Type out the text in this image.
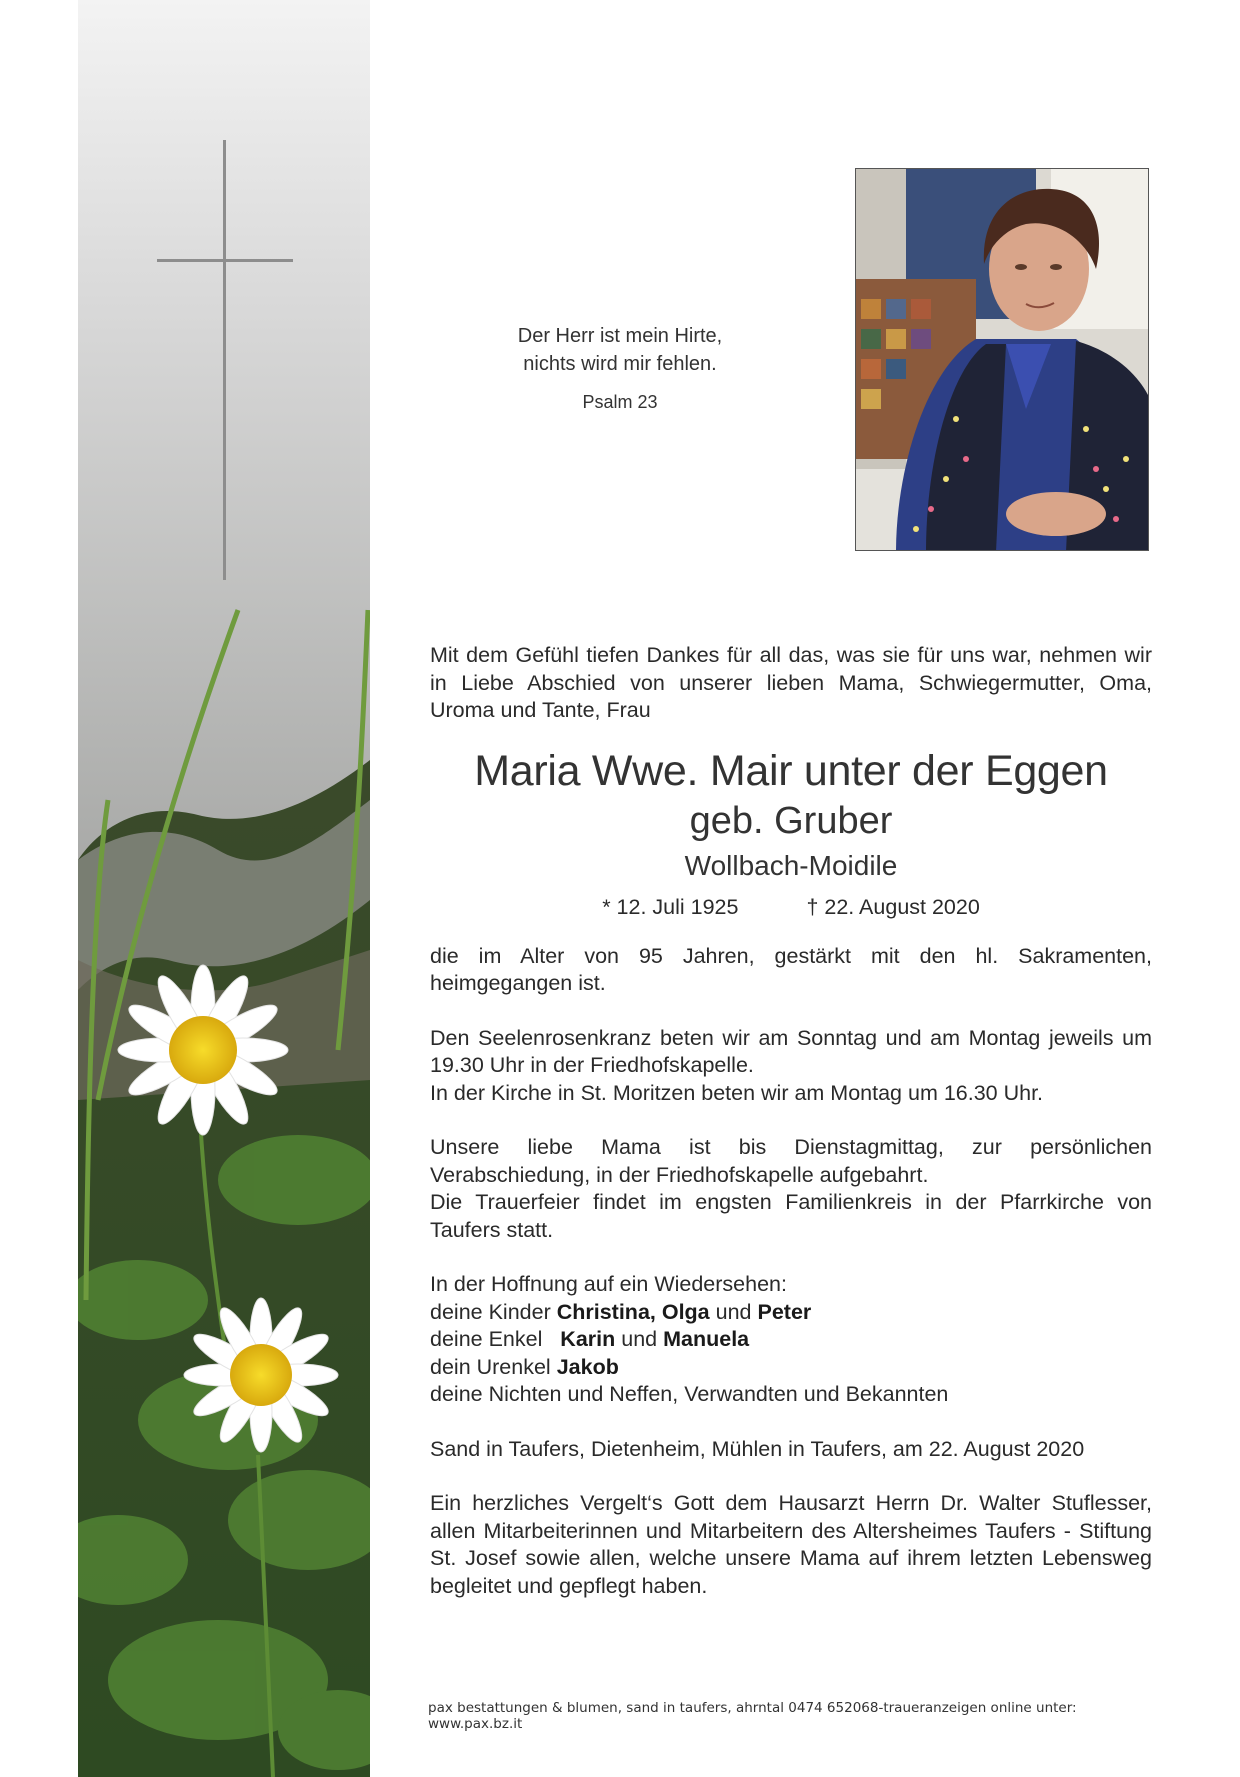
Der Herr ist mein Hirte,
nichts wird mir fehlen.
Psalm 23

Mit dem Gefühl tiefen Dankes für all das, was sie für uns war, nehmen wir in Liebe Abschied von unserer lieben Mama, Schwiegermutter, Oma, Uroma und Tante, Frau

Maria Wwe. Mair unter der Eggen

geb. Gruber

Wollbach-Moidile

* 12. Juli 1925	† 22. August 2020

die im Alter von 95 Jahren, gestärkt mit den hl. Sakramenten, heimgegangen ist.

Den Seelenrosenkranz beten wir am Sonntag und am Montag jeweils um 19.30 Uhr in der Friedhofskapelle.

In der Kirche in St. Moritzen beten wir am Montag um 16.30 Uhr.

Unsere liebe Mama ist bis Dienstagmittag, zur persönlichen Verabschiedung, in der Friedhofskapelle aufgebahrt.

Die Trauerfeier findet im engsten Familienkreis in der Pfarrkirche von Taufers statt.

In der Hoffnung auf ein Wiedersehen:
deine Kinder Christina, Olga und Peter
deine Enkel Karin und Manuela
dein Urenkel Jakob
deine Nichten und Neffen, Verwandten und Bekannten
Sand in Taufers, Dietenheim, Mühlen in Taufers, am 22. August 2020

Ein herzliches Vergelt‘s Gott dem Hausarzt Herrn Dr. Walter Stuflesser, allen Mitarbeiterinnen und Mitarbeitern des Altersheimes Taufers - Stiftung St. Josef sowie allen, welche unsere Mama auf ihrem letzten Lebensweg begleitet und gepflegt haben.

pax bestattungen & blumen, sand in taufers, ahrntal 0474 652068-traueranzeigen online unter: www.pax.bz.it
